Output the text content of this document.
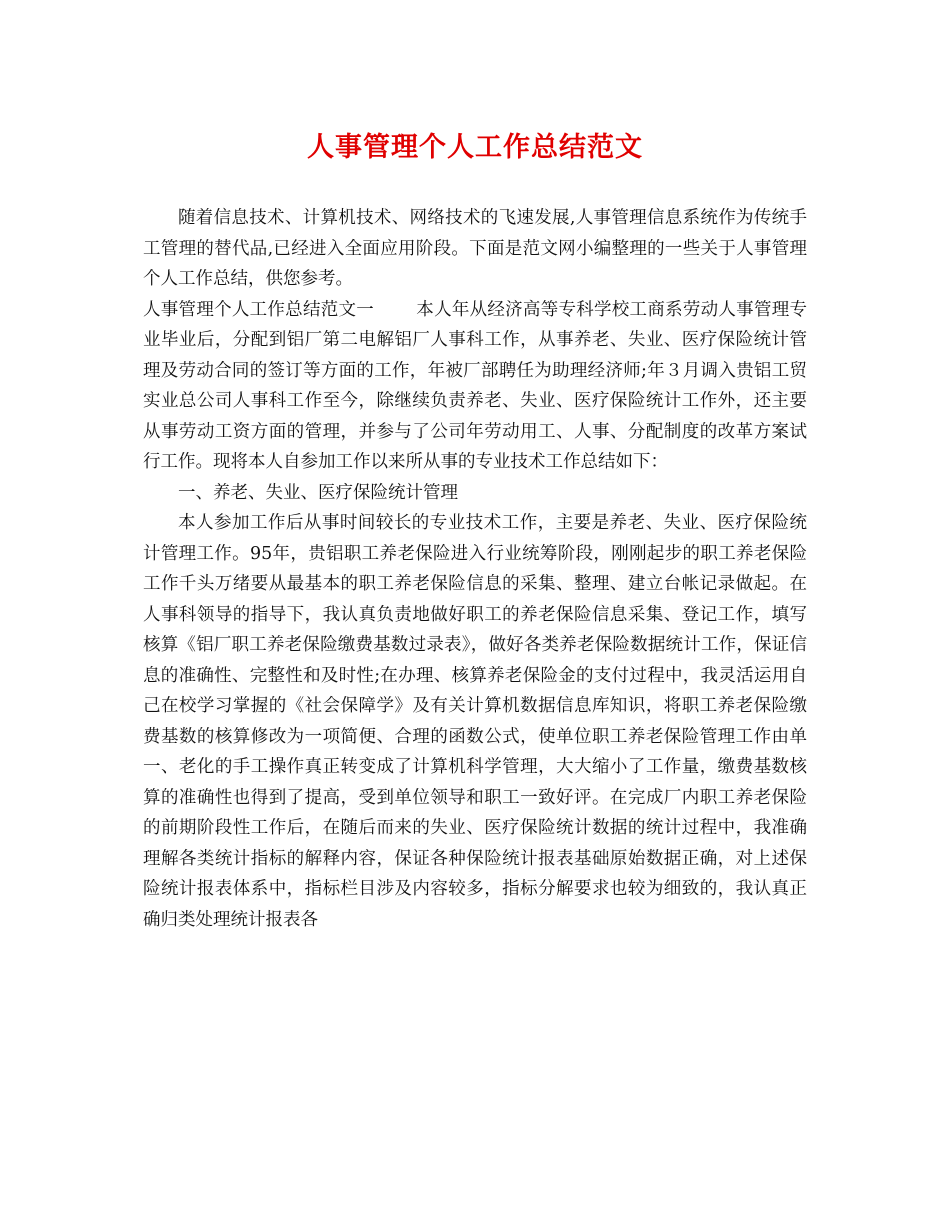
人事管理个人工作总结范文

随着信息技术、计算机技术、网络技术的飞速发展,人事管理信息系统作为传统手工管理的替代品,已经进入全面应用阶段。下面是范文网小编整理的一些关于人事管理个人工作总结，供您参考。

人事管理个人工作总结范文一 本人年从经济高等专科学校工商系劳动人事管理专业毕业后，分配到铝厂第二电解铝厂人事科工作，从事养老、失业、医疗保险统计管理及劳动合同的签订等方面的工作，年被厂部聘任为助理经济师;年３月调入贵铝工贸实业总公司人事科工作至今，除继续负责养老、失业、医疗保险统计工作外，还主要从事劳动工资方面的管理，并参与了公司年劳动用工、人事、分配制度的改革方案试行工作。现将本人自参加工作以来所从事的专业技术工作总结如下：

一、养老、失业、医疗保险统计管理

本人参加工作后从事时间较长的专业技术工作，主要是养老、失业、医疗保险统计管理工作。95年，贵铝职工养老保险进入行业统筹阶段，刚刚起步的职工养老保险工作千头万绪要从最基本的职工养老保险信息的采集、整理、建立台帐记录做起。在人事科领导的指导下，我认真负责地做好职工的养老保险信息采集、登记工作，填写核算《铝厂职工养老保险缴费基数过录表》，做好各类养老保险数据统计工作，保证信息的准确性、完整性和及时性;在办理、核算养老保险金的支付过程中，我灵活运用自己在校学习掌握的《社会保障学》及有关计算机数据信息库知识，将职工养老保险缴费基数的核算修改为一项简便、合理的函数公式，使单位职工养老保险管理工作由单一、老化的手工操作真正转变成了计算机科学管理，大大缩小了工作量，缴费基数核算的准确性也得到了提高，受到单位领导和职工一致好评。在完成厂内职工养老保险的前期阶段性工作后，在随后而来的失业、医疗保险统计数据的统计过程中，我准确理解各类统计指标的解释内容，保证各种保险统计报表基础原始数据正确，对上述保险统计报表体系中，指标栏目涉及内容较多，指标分解要求也较为细致的，我认真正确归类处理统计报表各
